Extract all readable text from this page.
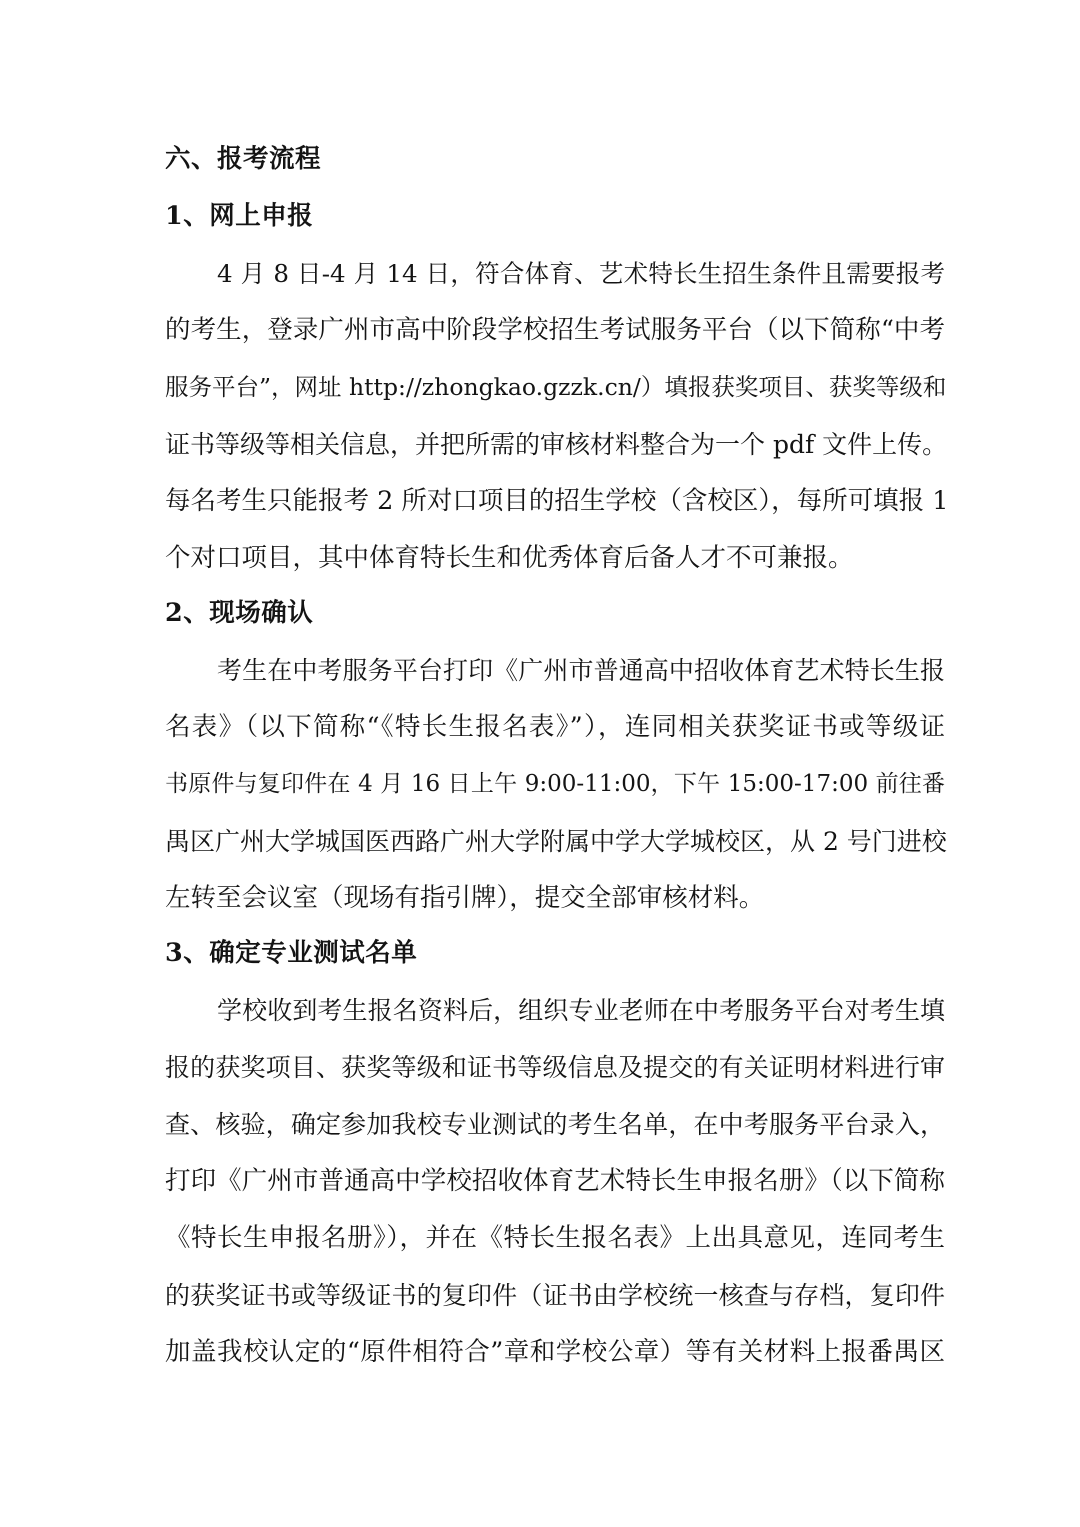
六、报考流程
1、网上申报
4 月 8 日-4 月 14 日，符合体育、艺术特长生招生条件且需要报考
的考生，登录广州市高中阶段学校招生考试服务平台（以下简称“中考
服务平台”，网址 http://zhongkao.gzzk.cn/）填报获奖项目、获奖等级和
证书等级等相关信息，并把所需的审核材料整合为一个 pdf 文件上传。
每名考生只能报考 2 所对口项目的招生学校（含校区），每所可填报 1
个对口项目，其中体育特长生和优秀体育后备人才不可兼报。
2、现场确认
考生在中考服务平台打印《广州市普通高中招收体育艺术特长生报
名表》（以下简称“《特长生报名表》”），连同相关获奖证书或等级证
书原件与复印件在 4 月 16 日上午 9:00-11:00，下午 15:00-17:00 前往番
禺区广州大学城国医西路广州大学附属中学大学城校区，从 2 号门进校
左转至会议室（现场有指引牌），提交全部审核材料。
3、确定专业测试名单
学校收到考生报名资料后，组织专业老师在中考服务平台对考生填
报的获奖项目、获奖等级和证书等级信息及提交的有关证明材料进行审
查、核验，确定参加我校专业测试的考生名单，在中考服务平台录入，
打印《广州市普通高中学校招收体育艺术特长生申报名册》（以下简称
《特长生申报名册》），并在《特长生报名表》上出具意见，连同考生
的获奖证书或等级证书的复印件（证书由学校统一核查与存档，复印件
加盖我校认定的“原件相符合”章和学校公章）等有关材料上报番禺区
